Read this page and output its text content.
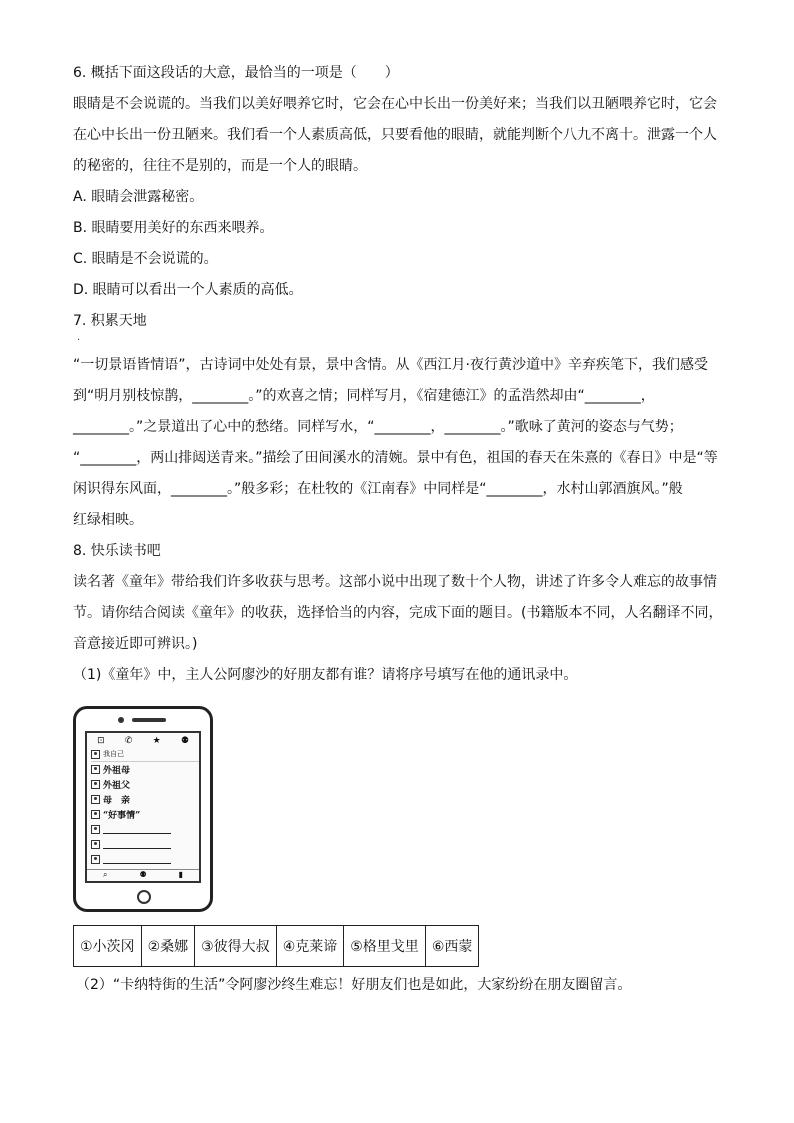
6. 概括下面这段话的大意，最恰当的一项是（　　）

眼睛是不会说谎的。当我们以美好喂养它时，它会在心中长出一份美好来；当我们以丑陋喂养它时，它会

在心中长出一份丑陋来。我们看一个人素质高低，只要看他的眼睛，就能判断个八九不离十。泄露一个人

的秘密的，往往不是别的，而是一个人的眼睛。

A. 眼睛会泄露秘密。

B. 眼睛要用美好的东西来喂养。

C. 眼睛是不会说谎的。

D. 眼睛可以看出一个人素质的高低。

7. 积累天地

·

“一切景语皆情语”，古诗词中处处有景，景中含情。从《西江月·夜行黄沙道中》辛弃疾笔下，我们感受

到“明月别枝惊鹊，________。”的欢喜之情；同样写月，《宿建德江》的孟浩然却由“________，

________。”之景道出了心中的愁绪。同样写水，“________，________。”歌咏了黄河的姿态与气势；

“________，两山排闼送青来。”描绘了田间溪水的清婉。景中有色，祖国的春天在朱熹的《春日》中是“等

闲识得东风面，________。”般多彩；在杜牧的《江南春》中同样是“________，水村山郭酒旗风。”般

红绿相映。

8. 快乐读书吧

读名著《童年》带给我们许多收获与思考。这部小说中出现了数十个人物，讲述了许多令人难忘的故事情

节。请你结合阅读《童年》的收获，选择恰当的内容，完成下面的题目。(书籍版本不同，人名翻译不同，

音意接近即可辨识。)

（1)《童年》中，主人公阿廖沙的好朋友都有谁？请将序号填写在他的通讯录中。

⊡ ✆ ★ ⚉
我自己
外祖母
外祖父
母　亲
“好事情”
⌕	⚉	▮
①小茨冈	②桑娜	③彼得大叔	④克莱谛	⑤格里戈里	⑥西蒙

（2）“卡纳特街的生活”令阿廖沙终生难忘！好朋友们也是如此，大家纷纷在朋友圈留言。
